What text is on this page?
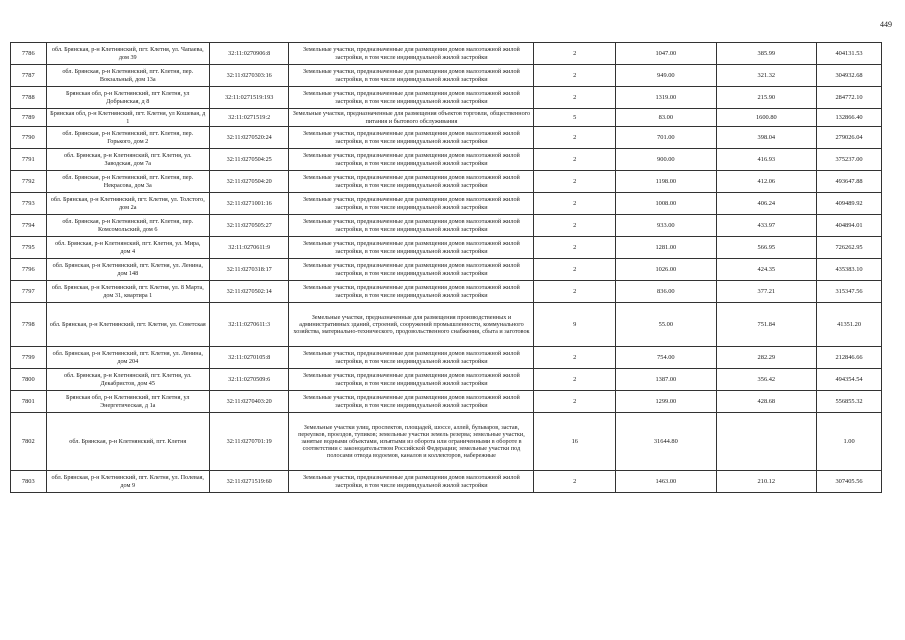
449
7786	обл. Брянская, р-н Клетнянский, пгт. Клетня, ул. Чапаева, дом 39	32:11:0270906:8	Земельные участки, предназначенные для размещения домов малоэтажной жилой застройки, в том числе индивидуальной жилой застройки	2	1047.00	385.99	404131.53
7787	обл. Брянская, р-н Клетнянский, пгт. Клетня, пер. Вокзальный, дом 13а	32:11:0270303:16	Земельные участки, предназначенные для размещения домов малоэтажной жилой застройки, в том числе индивидуальной жилой застройки	2	949.00	321.32	304932.68
7788	Брянская обл, р-н Клетнянский, пгт Клетня, ул Добрынская, д 8	32:11:0271519:193	Земельные участки, предназначенные для размещения домов малоэтажной жилой застройки, в том числе индивидуальной жилой застройки	2	1319.00	215.90	284772.10
7789	Брянская обл, р-н Клетнянский, пгт. Клетня, ул Кошевая, д 1	32:11:0271519:2	Земельные участки, предназначенные для размещения объектов торговли, общественного питания и бытового обслуживания	5	83.00	1600.80	132866.40
7790	обл. Брянская, р-н Клетнянский, пгт. Клетня, пер. Горького, дом 2	32:11:0270520:24	Земельные участки, предназначенные для размещения домов малоэтажной жилой застройки, в том числе индивидуальной жилой застройки	2	701.00	398.04	279026.04
7791	обл. Брянская, р-н Клетнянский, пгт. Клетня, ул. Заводская, дом 7а	32:11:0270504:25	Земельные участки, предназначенные для размещения домов малоэтажной жилой застройки, в том числе индивидуальной жилой застройки	2	900.00	416.93	375237.00
7792	обл. Брянская, р-н Клетнянский, пгт. Клетня, пер. Некрасова, дом 3а	32:11:0270504:20	Земельные участки, предназначенные для размещения домов малоэтажной жилой застройки, в том числе индивидуальной жилой застройки	2	1198.00	412.06	493647.88
7793	обл. Брянская, р-н Клетнянский, пгт. Клетня, ул. Толстого, дом 2а	32:11:0271001:16	Земельные участки, предназначенные для размещения домов малоэтажной жилой застройки, в том числе индивидуальной жилой застройки	2	1008.00	406.24	409489.92
7794	обл. Брянская, р-н Клетнянский, пгт. Клетня, пер. Комсомольский, дом 6	32:11:0270505:27	Земельные участки, предназначенные для размещения домов малоэтажной жилой застройки, в том числе индивидуальной жилой застройки	2	933.00	433.97	404894.01
7795	обл. Брянская, р-н Клетнянский, пгт. Клетня, ул. Мира, дом 4	32:11:0270611:9	Земельные участки, предназначенные для размещения домов малоэтажной жилой застройки, в том числе индивидуальной жилой застройки	2	1281.00	566.95	726262.95
7796	обл. Брянская, р-н Клетнянский, пгт. Клетня, ул. Ленина, дом 148	32:11:0270318:17	Земельные участки, предназначенные для размещения домов малоэтажной жилой застройки, в том числе индивидуальной жилой застройки	2	1026.00	424.35	435383.10
7797	обл. Брянская, р-н Клетнянский, пгт. Клетня, ул. 8 Марта, дом 31, квартира 1	32:11:0270502:14	Земельные участки, предназначенные для размещения домов малоэтажной жилой застройки, в том числе индивидуальной жилой застройки	2	836.00	377.21	315347.56
7798	обл. Брянская, р-н Клетнянский, пгт. Клетня, ул. Советская	32:11:0270611:3	Земельные участки, предназначенные для размещения производственных и административных зданий, строений, сооружений промышленности, коммунального хозяйства, материально-технического, продовольственного снабжения, сбыта и заготовок	9	55.00	751.84	41351.20
7799	обл. Брянская, р-н Клетнянский, пгт. Клетня, ул. Ленина, дом 204	32:11:0270105:8	Земельные участки, предназначенные для размещения домов малоэтажной жилой застройки, в том числе индивидуальной жилой застройки	2	754.00	282.29	212846.66
7800	обл. Брянская, р-н Клетнянский, пгт. Клетня, ул. Декабристов, дом 45	32:11:0270509:6	Земельные участки, предназначенные для размещения домов малоэтажной жилой застройки, в том числе индивидуальной жилой застройки	2	1387.00	356.42	494354.54
7801	Брянская обл, р-н Клетнянский, пгт Клетня, ул Энергетическая, д 1а	32:11:0270403:20	Земельные участки, предназначенные для размещения домов малоэтажной жилой застройки, в том числе индивидуальной жилой застройки	2	1299.00	428.68	556855.32
7802	обл. Брянская, р-н Клетнянский, пгт. Клетня	32:11:0270701:19	Земельные участки улиц, проспектов, площадей, шоссе, аллей, бульваров, застав, переулков, проездов, тупиков; земельные участки земель резерва; земельные участки, занятые водными объектами, изъятыми из оборота или ограниченными в обороте в соответствии с законодательством Российской Федерации; земельные участки под полосами отвода водоемов, каналов и коллекторов, набережные	16	31644.80		1.00
7803	обл. Брянская, р-н Клетнянский, пгт. Клетня, ул. Полевая, дом 9	32:11:0271519:60	Земельные участки, предназначенные для размещения домов малоэтажной жилой застройки, в том числе индивидуальной жилой застройки	2	1463.00	210.12	307405.56
